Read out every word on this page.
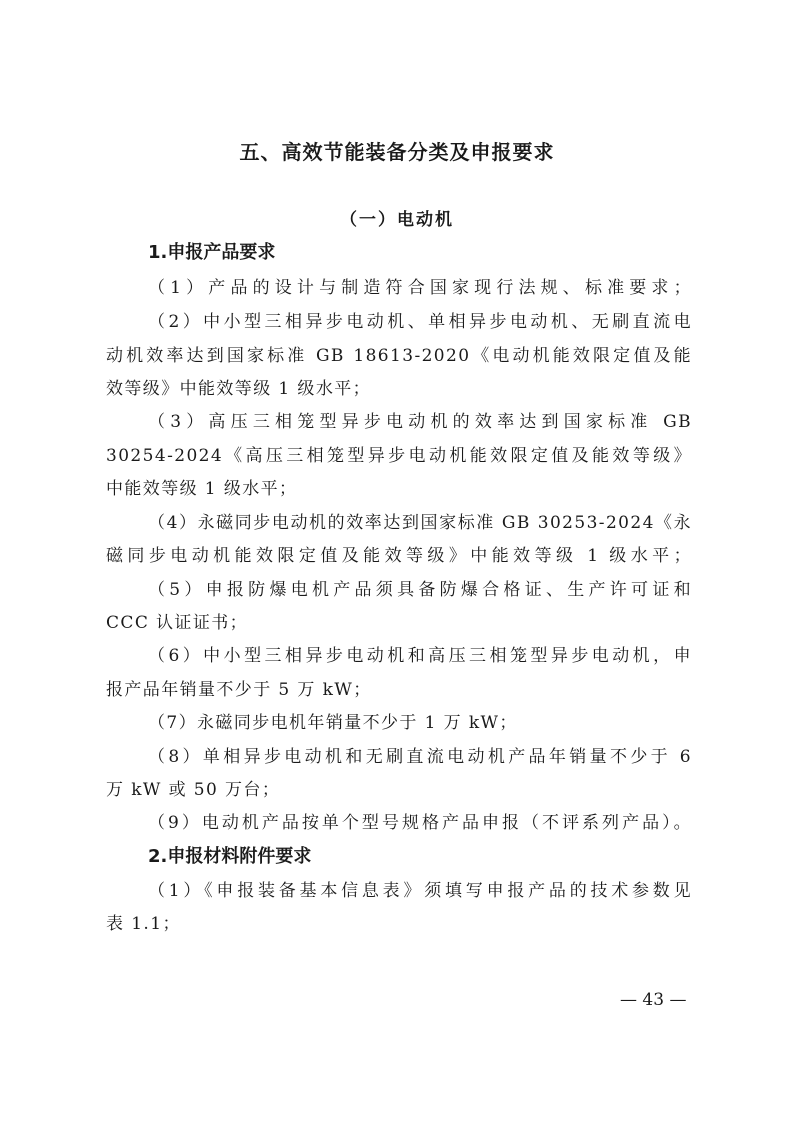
五、高效节能装备分类及申报要求
（一）电动机

1.申报产品要求

（1）产品的设计与制造符合国家现行法规、标准要求；

（2）中小型三相异步电动机、单相异步电动机、无刷直流电

动机效率达到国家标准 GB 18613-2020《电动机能效限定值及能

效等级》中能效等级 1 级水平；

（3）高压三相笼型异步电动机的效率达到国家标准 GB

30254-2024《高压三相笼型异步电动机能效限定值及能效等级》

中能效等级 1 级水平；

（4）永磁同步电动机的效率达到国家标准 GB 30253-2024《永

磁同步电动机能效限定值及能效等级》中能效等级 1 级水平；

（5）申报防爆电机产品须具备防爆合格证、生产许可证和

CCC 认证证书；

（6）中小型三相异步电动机和高压三相笼型异步电动机，申

报产品年销量不少于 5 万 kW；

（7）永磁同步电机年销量不少于 1 万 kW；

（8）单相异步电动机和无刷直流电动机产品年销量不少于 6

万 kW 或 50 万台；

（9）电动机产品按单个型号规格产品申报（不评系列产品）。

2.申报材料附件要求

（1）《申报装备基本信息表》须填写申报产品的技术参数见

表 1.1；

— 43 —
